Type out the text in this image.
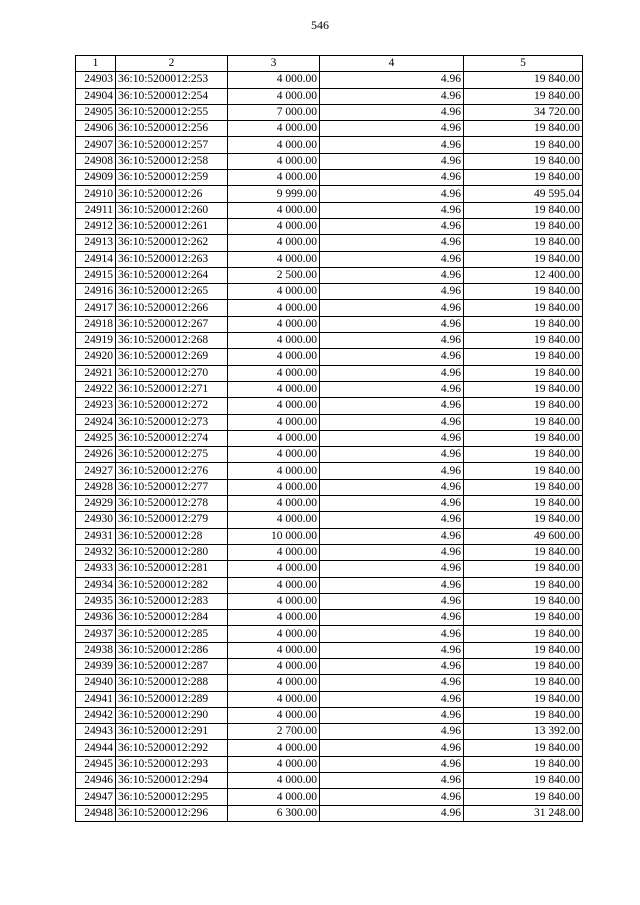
546
1	2	3	4	5
24903	36:10:5200012:253	4 000.00	4.96	19 840.00
24904	36:10:5200012:254	4 000.00	4.96	19 840.00
24905	36:10:5200012:255	7 000.00	4.96	34 720.00
24906	36:10:5200012:256	4 000.00	4.96	19 840.00
24907	36:10:5200012:257	4 000.00	4.96	19 840.00
24908	36:10:5200012:258	4 000.00	4.96	19 840.00
24909	36:10:5200012:259	4 000.00	4.96	19 840.00
24910	36:10:5200012:26	9 999.00	4.96	49 595.04
24911	36:10:5200012:260	4 000.00	4.96	19 840.00
24912	36:10:5200012:261	4 000.00	4.96	19 840.00
24913	36:10:5200012:262	4 000.00	4.96	19 840.00
24914	36:10:5200012:263	4 000.00	4.96	19 840.00
24915	36:10:5200012:264	2 500.00	4.96	12 400.00
24916	36:10:5200012:265	4 000.00	4.96	19 840.00
24917	36:10:5200012:266	4 000.00	4.96	19 840.00
24918	36:10:5200012:267	4 000.00	4.96	19 840.00
24919	36:10:5200012:268	4 000.00	4.96	19 840.00
24920	36:10:5200012:269	4 000.00	4.96	19 840.00
24921	36:10:5200012:270	4 000.00	4.96	19 840.00
24922	36:10:5200012:271	4 000.00	4.96	19 840.00
24923	36:10:5200012:272	4 000.00	4.96	19 840.00
24924	36:10:5200012:273	4 000.00	4.96	19 840.00
24925	36:10:5200012:274	4 000.00	4.96	19 840.00
24926	36:10:5200012:275	4 000.00	4.96	19 840.00
24927	36:10:5200012:276	4 000.00	4.96	19 840.00
24928	36:10:5200012:277	4 000.00	4.96	19 840.00
24929	36:10:5200012:278	4 000.00	4.96	19 840.00
24930	36:10:5200012:279	4 000.00	4.96	19 840.00
24931	36:10:5200012:28	10 000.00	4.96	49 600.00
24932	36:10:5200012:280	4 000.00	4.96	19 840.00
24933	36:10:5200012:281	4 000.00	4.96	19 840.00
24934	36:10:5200012:282	4 000.00	4.96	19 840.00
24935	36:10:5200012:283	4 000.00	4.96	19 840.00
24936	36:10:5200012:284	4 000.00	4.96	19 840.00
24937	36:10:5200012:285	4 000.00	4.96	19 840.00
24938	36:10:5200012:286	4 000.00	4.96	19 840.00
24939	36:10:5200012:287	4 000.00	4.96	19 840.00
24940	36:10:5200012:288	4 000.00	4.96	19 840.00
24941	36:10:5200012:289	4 000.00	4.96	19 840.00
24942	36:10:5200012:290	4 000.00	4.96	19 840.00
24943	36:10:5200012:291	2 700.00	4.96	13 392.00
24944	36:10:5200012:292	4 000.00	4.96	19 840.00
24945	36:10:5200012:293	4 000.00	4.96	19 840.00
24946	36:10:5200012:294	4 000.00	4.96	19 840.00
24947	36:10:5200012:295	4 000.00	4.96	19 840.00
24948	36:10:5200012:296	6 300.00	4.96	31 248.00
